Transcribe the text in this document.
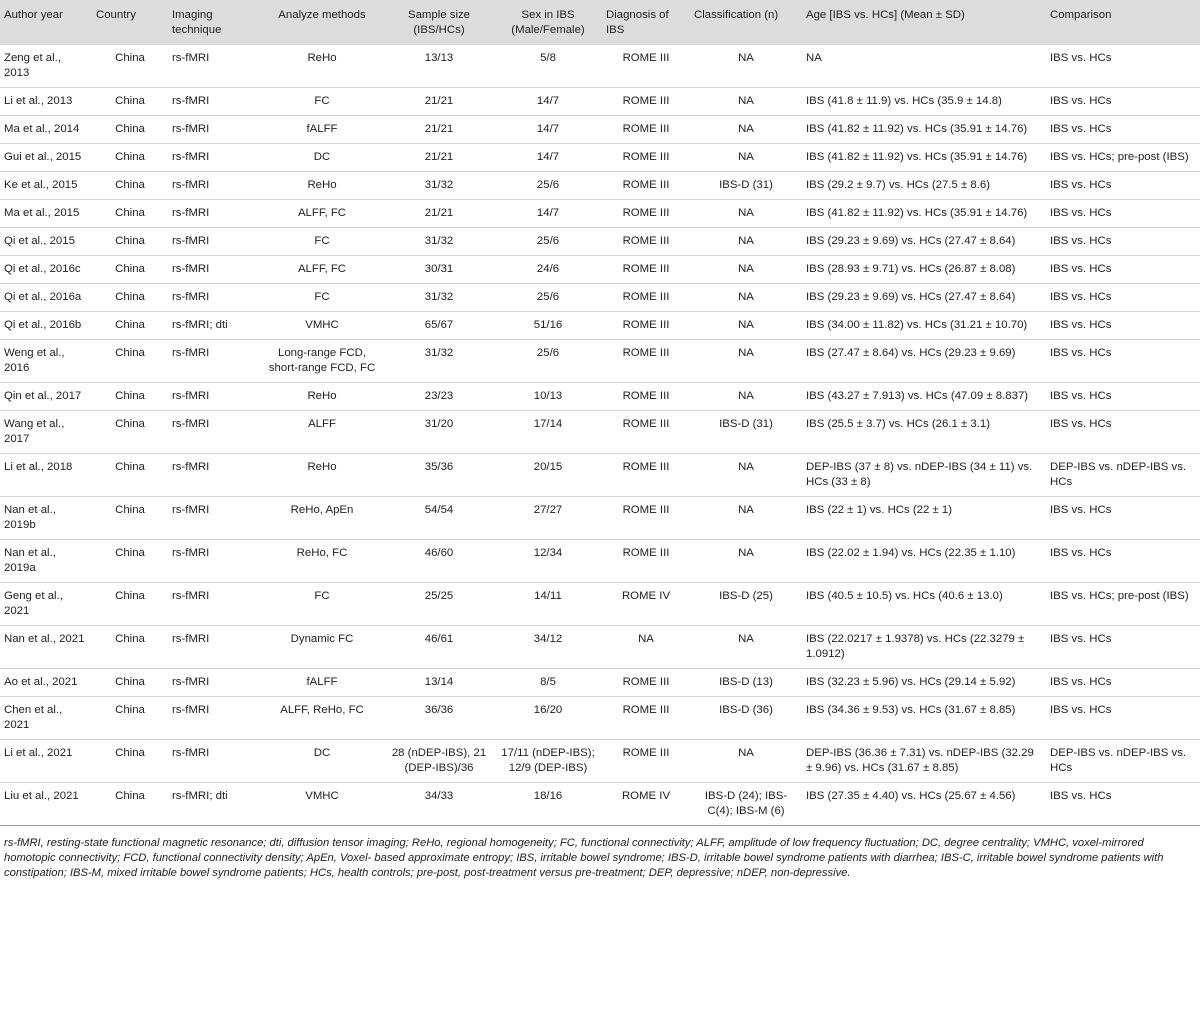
Author year	Country	Imaging technique	Analyze methods	Sample size (IBS/HCs)	Sex in IBS (Male/Female)	Diagnosis of IBS	Classification (n)	Age [IBS vs. HCs] (Mean ± SD)	Comparison
Zeng et al., 2013	China	rs-fMRI	ReHo	13/13	5/8	ROME III	NA	NA	IBS vs. HCs
Li et al., 2013	China	rs-fMRI	FC	21/21	14/7	ROME III	NA	IBS (41.8 ± 11.9) vs. HCs (35.9 ± 14.8)	IBS vs. HCs
Ma et al., 2014	China	rs-fMRI	fALFF	21/21	14/7	ROME III	NA	IBS (41.82 ± 11.92) vs. HCs (35.91 ± 14.76)	IBS vs. HCs
Gui et al., 2015	China	rs-fMRI	DC	21/21	14/7	ROME III	NA	IBS (41.82 ± 11.92) vs. HCs (35.91 ± 14.76)	IBS vs. HCs; pre-post (IBS)
Ke et al., 2015	China	rs-fMRI	ReHo	31/32	25/6	ROME III	IBS-D (31)	IBS (29.2 ± 9.7) vs. HCs (27.5 ± 8.6)	IBS vs. HCs
Ma et al., 2015	China	rs-fMRI	ALFF, FC	21/21	14/7	ROME III	NA	IBS (41.82 ± 11.92) vs. HCs (35.91 ± 14.76)	IBS vs. HCs
Qi et al., 2015	China	rs-fMRI	FC	31/32	25/6	ROME III	NA	IBS (29.23 ± 9.69) vs. HCs (27.47 ± 8.64)	IBS vs. HCs
Qi et al., 2016c	China	rs-fMRI	ALFF, FC	30/31	24/6	ROME III	NA	IBS (28.93 ± 9.71) vs. HCs (26.87 ± 8.08)	IBS vs. HCs
Qi et al., 2016a	China	rs-fMRI	FC	31/32	25/6	ROME III	NA	IBS (29.23 ± 9.69) vs. HCs (27.47 ± 8.64)	IBS vs. HCs
Qi et al., 2016b	China	rs-fMRI; dti	VMHC	65/67	51/16	ROME III	NA	IBS (34.00 ± 11.82) vs. HCs (31.21 ± 10.70)	IBS vs. HCs
Weng et al., 2016	China	rs-fMRI	Long-range FCD, short-range FCD, FC	31/32	25/6	ROME III	NA	IBS (27.47 ± 8.64) vs. HCs (29.23 ± 9.69)	IBS vs. HCs
Qin et al., 2017	China	rs-fMRI	ReHo	23/23	10/13	ROME III	NA	IBS (43.27 ± 7.913) vs. HCs (47.09 ± 8.837)	IBS vs. HCs
Wang et al., 2017	China	rs-fMRI	ALFF	31/20	17/14	ROME III	IBS-D (31)	IBS (25.5 ± 3.7) vs. HCs (26.1 ± 3.1)	IBS vs. HCs
Li et al., 2018	China	rs-fMRI	ReHo	35/36	20/15	ROME III	NA	DEP-IBS (37 ± 8) vs. nDEP-IBS (34 ± 11) vs. HCs (33 ± 8)	DEP-IBS vs. nDEP-IBS vs. HCs
Nan et al., 2019b	China	rs-fMRI	ReHo, ApEn	54/54	27/27	ROME III	NA	IBS (22 ± 1) vs. HCs (22 ± 1)	IBS vs. HCs
Nan et al., 2019a	China	rs-fMRI	ReHo, FC	46/60	12/34	ROME III	NA	IBS (22.02 ± 1.94) vs. HCs (22.35 ± 1.10)	IBS vs. HCs
Geng et al., 2021	China	rs-fMRI	FC	25/25	14/11	ROME IV	IBS-D (25)	IBS (40.5 ± 10.5) vs. HCs (40.6 ± 13.0)	IBS vs. HCs; pre-post (IBS)
Nan et al., 2021	China	rs-fMRI	Dynamic FC	46/61	34/12	NA	NA	IBS (22.0217 ± 1.9378) vs. HCs (22.3279 ± 1.0912)	IBS vs. HCs
Ao et al., 2021	China	rs-fMRI	fALFF	13/14	8/5	ROME III	IBS-D (13)	IBS (32.23 ± 5.96) vs. HCs (29.14 ± 5.92)	IBS vs. HCs
Chen et al., 2021	China	rs-fMRI	ALFF, ReHo, FC	36/36	16/20	ROME III	IBS-D (36)	IBS (34.36 ± 9.53) vs. HCs (31.67 ± 8.85)	IBS vs. HCs
Li et al., 2021	China	rs-fMRI	DC	28 (nDEP-IBS), 21 (DEP-IBS)/36	17/11 (nDEP-IBS); 12/9 (DEP-IBS)	ROME III	NA	DEP-IBS (36.36 ± 7.31) vs. nDEP-IBS (32.29 ± 9.96) vs. HCs (31.67 ± 8.85)	DEP-IBS vs. nDEP-IBS vs. HCs
Liu et al., 2021	China	rs-fMRI; dti	VMHC	34/33	18/16	ROME IV	IBS-D (24); IBS-C(4); IBS-M (6)	IBS (27.35 ± 4.40) vs. HCs (25.67 ± 4.56)	IBS vs. HCs
rs-fMRI, resting-state functional magnetic resonance; dti, diffusion tensor imaging; ReHo, regional homogeneity; FC, functional connectivity; ALFF, amplitude of low frequency fluctuation; DC, degree centrality; VMHC, voxel-mirrored homotopic connectivity; FCD, functional connectivity density; ApEn, Voxel- based approximate entropy; IBS, irritable bowel syndrome; IBS-D, irritable bowel syndrome patients with diarrhea; IBS-C, irritable bowel syndrome patients with constipation; IBS-M, mixed irritable bowel syndrome patients; HCs, health controls; pre-post, post-treatment versus pre-treatment; DEP, depressive; nDEP, non-depressive.
